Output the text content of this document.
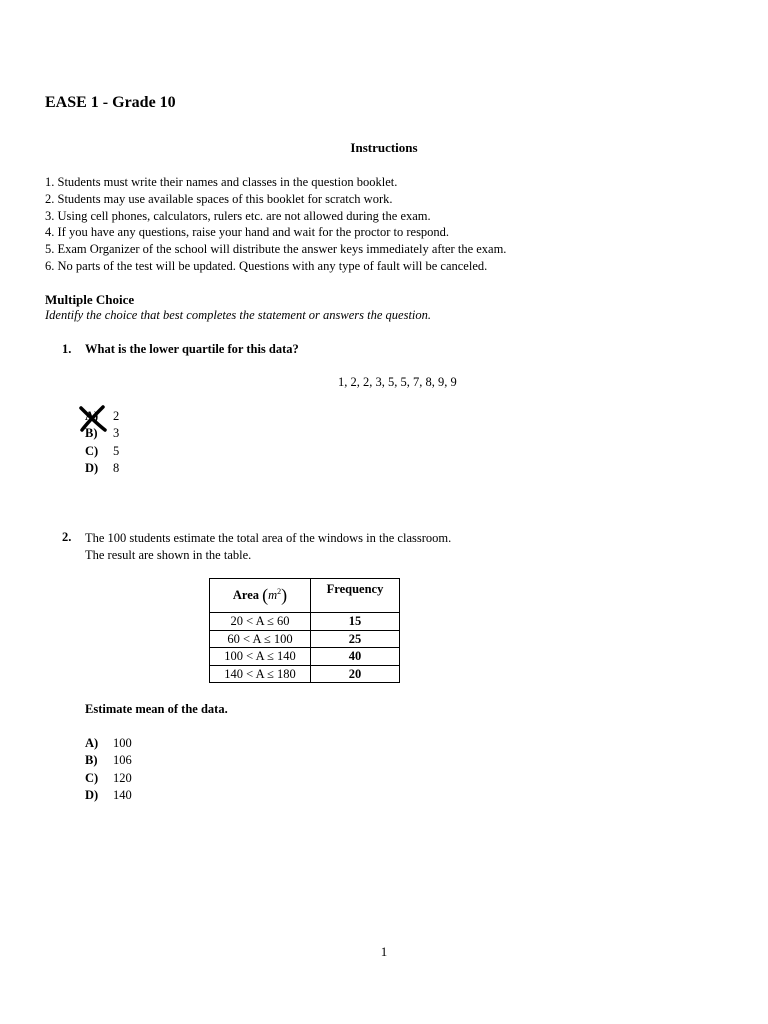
EASE 1 - Grade 10
Instructions
1. Students must write their names and classes in the question booklet.
2. Students may use available spaces of this booklet for scratch work.
3. Using cell phones, calculators, rulers etc. are not allowed during the exam.
4. If you have any questions, raise your hand and wait for the proctor to respond.
5. Exam Organizer of the school will distribute the answer keys immediately after the exam.
6. No parts of the test will be updated. Questions with any type of fault will be canceled.
Multiple Choice
Identify the choice that best completes the statement or answers the question.
1. What is the lower quartile for this data?
1, 2, 2, 3, 5, 5, 7, 8, 9, 9
A)	2
B)	3
C)	5
D)	8
2. The 100 students estimate the total area of the windows in the classroom.
The result are shown in the table.
Area $(m^2)$	Frequency
20 < A ≤ 60	15
60 < A ≤ 100	25
100 < A ≤ 140	40
140 < A ≤ 180	20
Estimate mean of the data.
A)	100
B)	106
C)	120
D)	140
1
